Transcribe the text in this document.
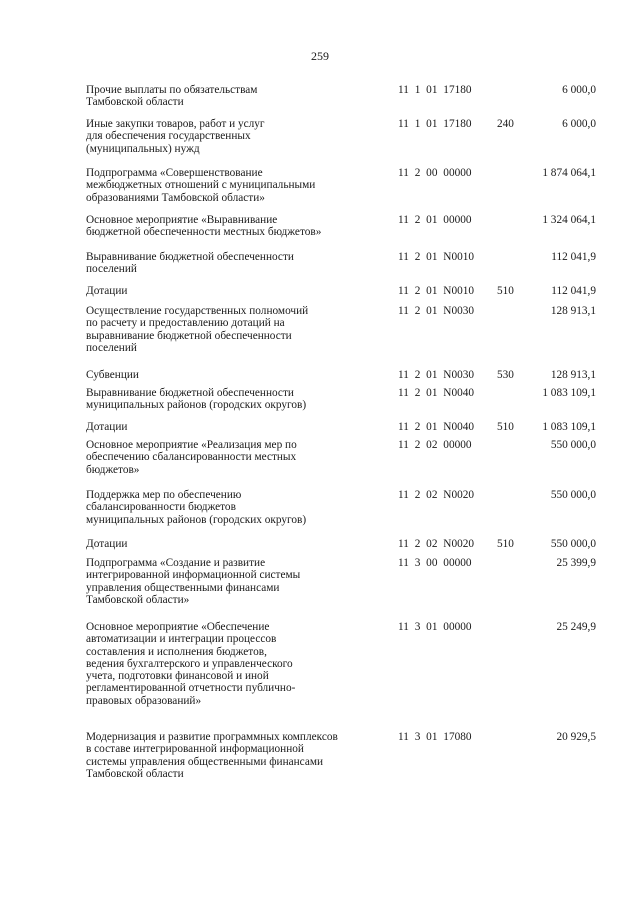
259
Прочие выплаты по обязательствам
Тамбовской области
11 1 01 17180	6 000,0
Иные закупки товаров, работ и услуг
для обеспечения государственных
(муниципальных) нужд
11 1 01 17180 240	6 000,0
Подпрограмма «Совершенствование
межбюджетных отношений с муниципальными
образованиями Тамбовской области»
11 2 00 00000	1 874 064,1
Основное мероприятие «Выравнивание
бюджетной обеспеченности местных бюджетов»
11 2 01 00000	1 324 064,1
Выравнивание бюджетной обеспеченности
поселений
11 2 01 N0010	112 041,9
Дотации	11 2 01 N0010 510	112 041,9
Осуществление государственных полномочий
по расчету и предоставлению дотаций на
выравнивание бюджетной обеспеченности
поселений
11 2 01 N0030	128 913,1
Субвенции	11 2 01 N0030 530	128 913,1
Выравнивание бюджетной обеспеченности
муниципальных районов (городских округов)
11 2 01 N0040	1 083 109,1
Дотации	11 2 01 N0040 510	1 083 109,1
Основное мероприятие «Реализация мер по
обеспечению сбалансированности местных
бюджетов»
11 2 02 00000	550 000,0
Поддержка мер по обеспечению
сбалансированности бюджетов
муниципальных районов (городских округов)
11 2 02 N0020	550 000,0
Дотации	11 2 02 N0020 510	550 000,0
Подпрограмма «Создание и развитие
интегрированной информационной системы
управления общественными финансами
Тамбовской области»
11 3 00 00000	25 399,9
Основное мероприятие «Обеспечение
автоматизации и интеграции процессов
составления и исполнения бюджетов,
ведения бухгалтерского и управленческого
учета, подготовки финансовой и иной
регламентированной отчетности публично-
правовых образований»
11 3 01 00000	25 249,9
Модернизация и развитие программных комплексов
в составе интегрированной информационной
системы управления общественными финансами
Тамбовской области
11 3 01 17080	20 929,5
